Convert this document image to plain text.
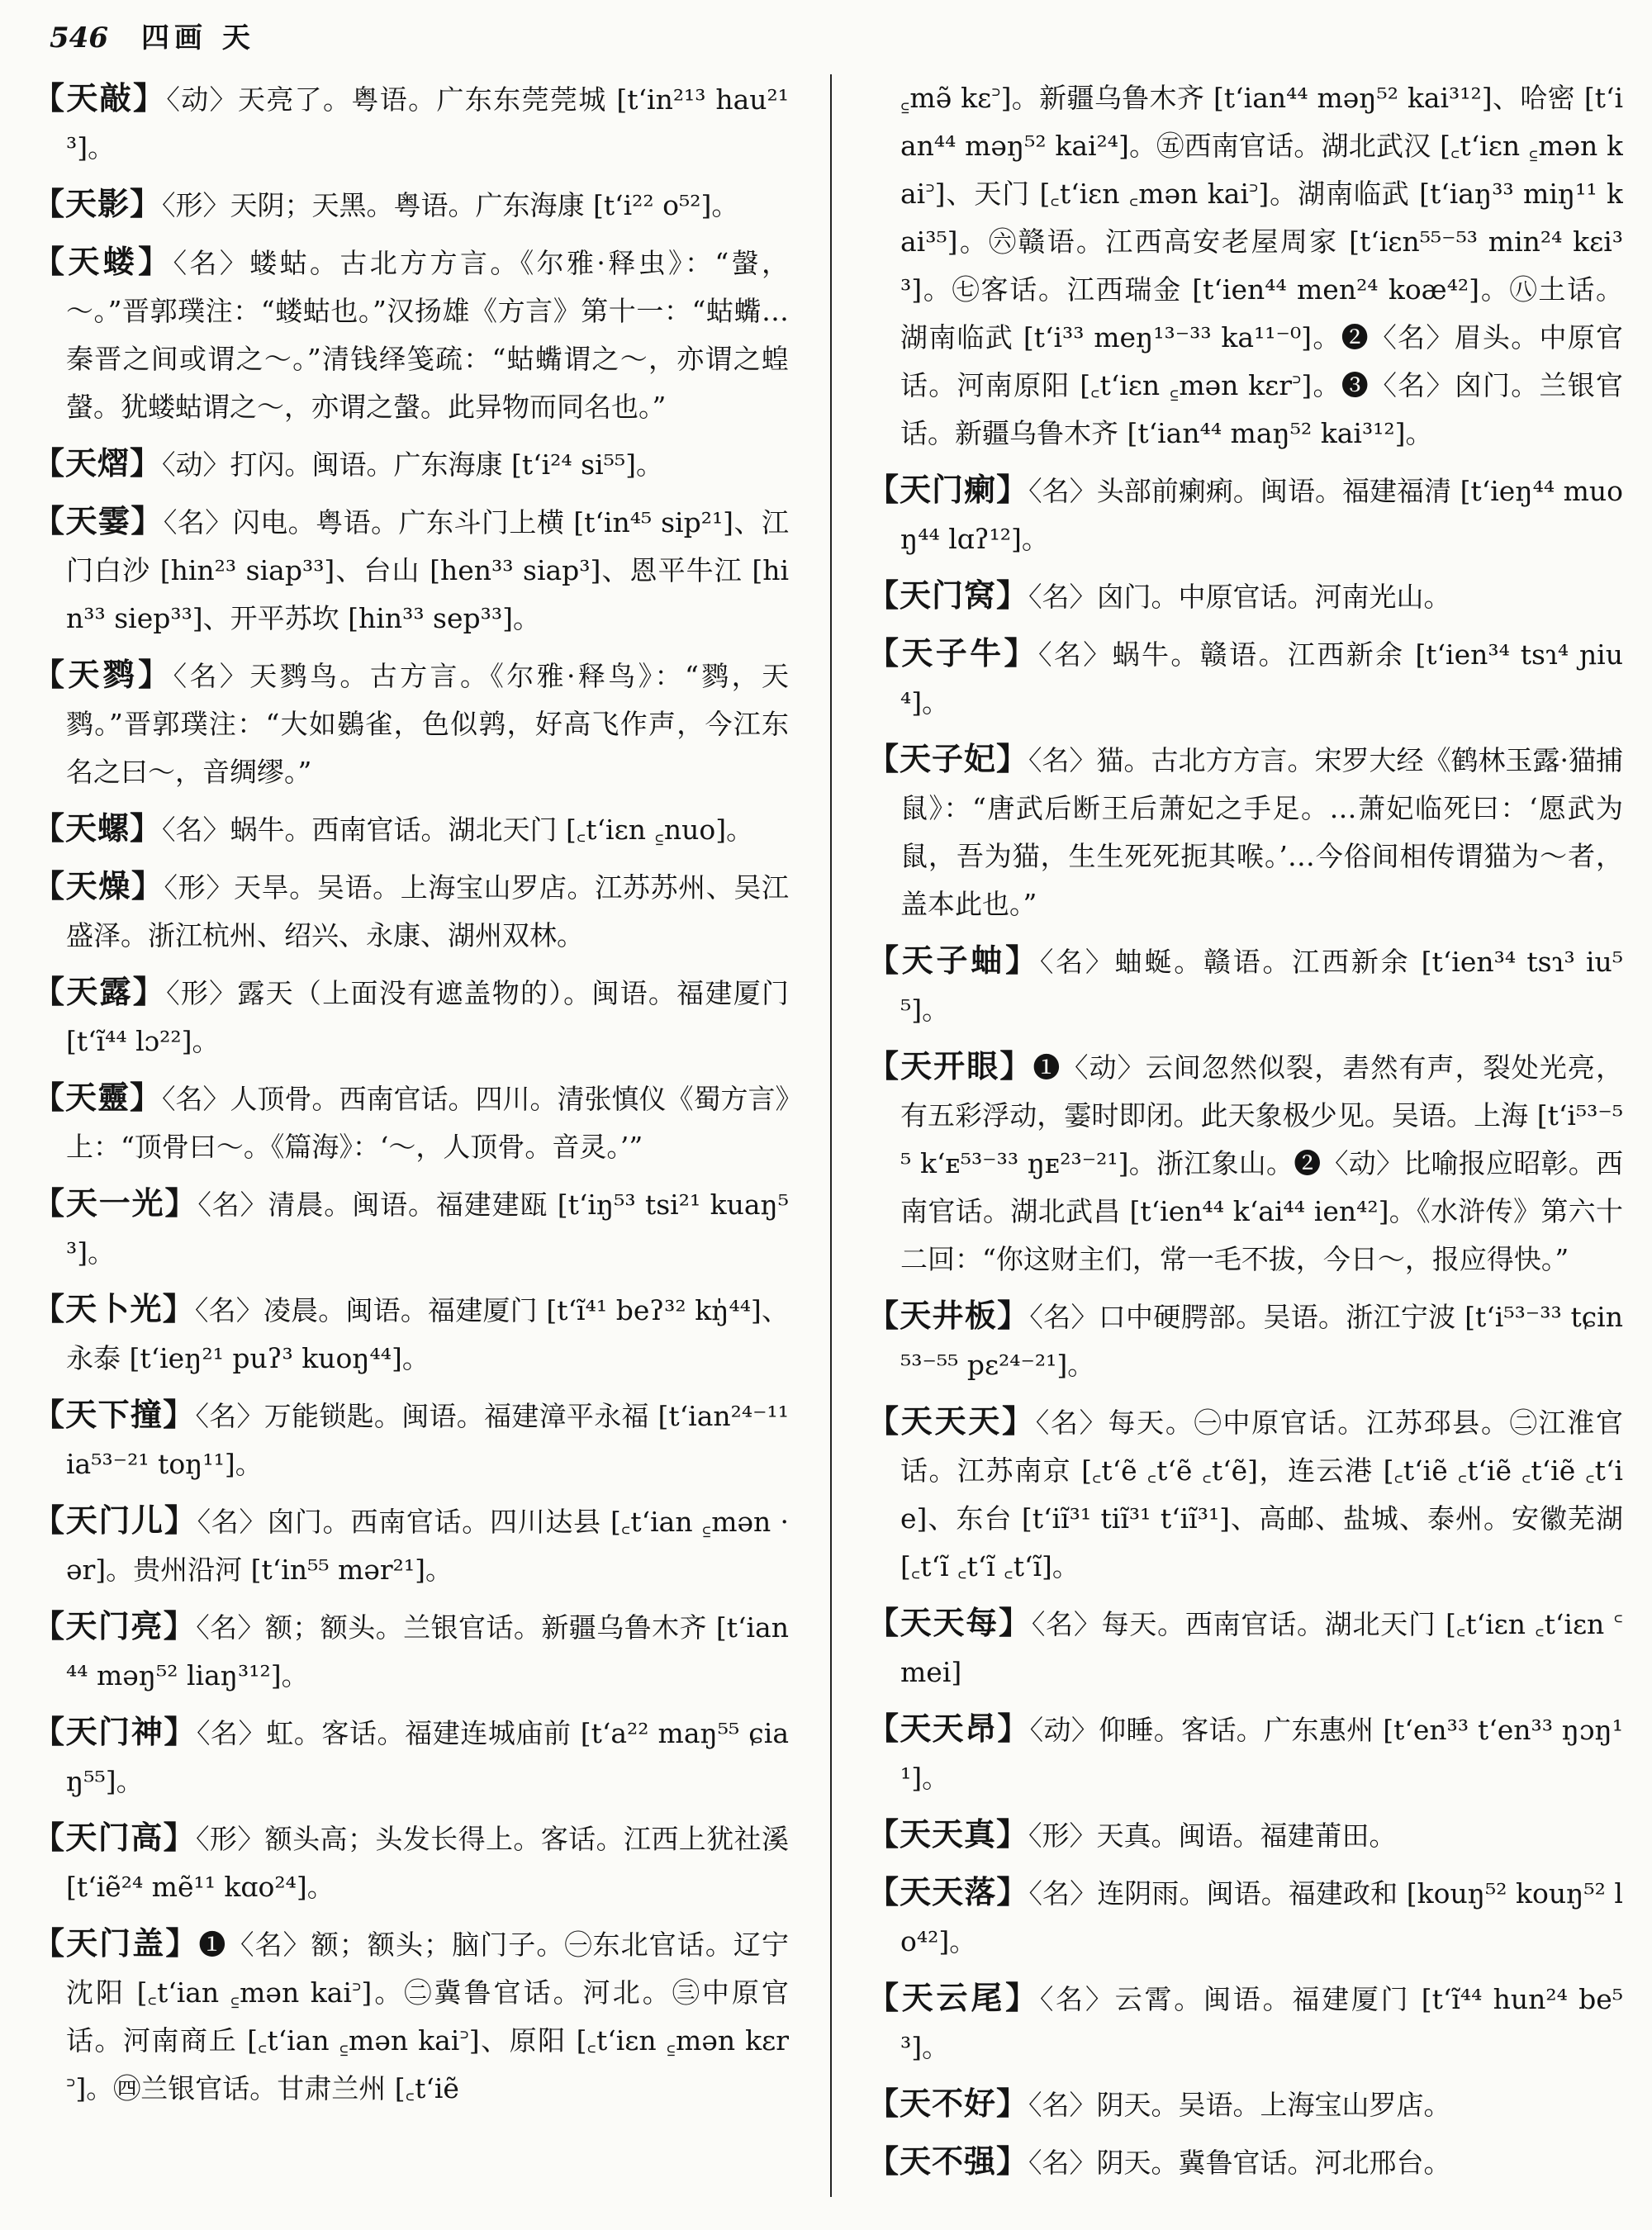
546 四画 天

【天敲】〈动〉天亮了。粤语。广东东莞莞城 [t‘in²¹³ hau²¹³]。

【天影】〈形〉天阴；天黑。粤语。广东海康 [t‘i²² o⁵²]。

【天蝼】〈名〉蝼蛄。古北方方言。《尔雅·释虫》：“螜，～。”晋郭璞注：“蝼蛄也。”汉扬雄《方言》第十一：“蛄蟕…秦晋之间或谓之～。”清钱绎笺疏：“蛄蟕谓之～，亦谓之蝗螜。犹蝼蛄谓之～，亦谓之螜。此异物而同名也。”

【天熠】〈动〉打闪。闽语。广东海康 [t‘i²⁴ si⁵⁵]。

【天霎】〈名〉闪电。粤语。广东斗门上横 [t‘in⁴⁵ sip²¹]、江门白沙 [hin²³ siap³³]、台山 [hen³³ siap³]、恩平牛江 [hin³³ siep³³]、开平苏坎 [hin³³ sep³³]。

【天鹨】〈名〉天鹨鸟。古方言。《尔雅·释鸟》：“鹨，天鹨。”晋郭璞注：“大如鷃雀，色似鹑，好高飞作声，今江东名之曰～，音绸缪。”

【天螺】〈名〉蜗牛。西南官话。湖北天门 [꜀t‘iɛn ꜁nuo]。

【天燥】〈形〉天旱。吴语。上海宝山罗店。江苏苏州、吴江盛泽。浙江杭州、绍兴、永康、湖州双林。

【天露】〈形〉露天（上面没有遮盖物的）。闽语。福建厦门 [t‘ĩ⁴⁴ lɔ²²]。

【天靈】〈名〉人顶骨。西南官话。四川。清张慎仪《蜀方言》上：“顶骨曰～。《篇海》：‘～，人顶骨。音灵。’”

【天一光】〈名〉清晨。闽语。福建建瓯 [t‘iŋ⁵³ tsi²¹ kuaŋ⁵³]。

【天卜光】〈名〉凌晨。闽语。福建厦门 [t‘ĩ⁴¹ beʔ³² kŋ̍⁴⁴]、永泰 [t‘ieŋ²¹ puʔ³ kuoŋ⁴⁴]。

【天下撞】〈名〉万能锁匙。闽语。福建漳平永福 [t‘ian²⁴⁻¹¹ ia⁵³⁻²¹ toŋ¹¹]。

【天门儿】〈名〉囟门。西南官话。四川达县 [꜀t‘ian ꜁mən ·ər]。贵州沿河 [t‘in⁵⁵ mər²¹]。

【天门亮】〈名〉额；额头。兰银官话。新疆乌鲁木齐 [t‘ian⁴⁴ məŋ⁵² liaŋ³¹²]。

【天门神】〈名〉虹。客话。福建连城庙前 [t‘a²² maŋ⁵⁵ ɕiaŋ⁵⁵]。

【天门高】〈形〉额头高；头发长得上。客话。江西上犹社溪 [t‘iẽ²⁴ mẽ¹¹ kɑo²⁴]。

【天门盖】❶〈名〉额；额头；脑门子。㊀东北官话。辽宁沈阳 [꜀t‘ian ꜁mən kai꜄]。㊁冀鲁官话。河北。㊂中原官话。河南商丘 [꜀t‘ian ꜁mən kai꜄]、原阳 [꜀t‘iɛn ꜁mən kɛr꜄]。㊃兰银官话。甘肃兰州 [꜀t‘iẽ

꜁mə̃ kɛ꜄]。新疆乌鲁木齐 [t‘ian⁴⁴ məŋ⁵² kai³¹²]、哈密 [t‘ian⁴⁴ məŋ⁵² kai²⁴]。㊄西南官话。湖北武汉 [꜀t‘iɛn ꜁mən kai꜄]、天门 [꜀t‘iɛn ꜀mən kai꜄]。湖南临武 [t‘iaŋ³³ miŋ¹¹ kai³⁵]。㊅赣语。江西高安老屋周家 [t‘iɛn⁵⁵⁻⁵³ min²⁴ kɛi³³]。㊆客话。江西瑞金 [t‘ien⁴⁴ men²⁴ koæ⁴²]。㊇土话。湖南临武 [t‘i³³ meŋ¹³⁻³³ ka¹¹⁻⁰]。❷〈名〉眉头。中原官话。河南原阳 [꜀t‘iɛn ꜁mən kɛr꜄]。❸〈名〉囟门。兰银官话。新疆乌鲁木齐 [t‘ian⁴⁴ maŋ⁵² kai³¹²]。

【天门瘌】〈名〉头部前瘌痢。闽语。福建福清 [t‘ieŋ⁴⁴ muoŋ⁴⁴ lɑʔ¹²]。

【天门窝】〈名〉囟门。中原官话。河南光山。

【天子牛】〈名〉蜗牛。赣语。江西新余 [t‘ien³⁴ tsɿ⁴ ɲiu⁴]。

【天子妃】〈名〉猫。古北方方言。宋罗大经《鹤林玉露·猫捕鼠》：“唐武后断王后萧妃之手足。…萧妃临死曰：‘愿武为鼠，吾为猫，生生死死扼其喉。’…今俗间相传谓猫为～者，盖本此也。”

【天子蚰】〈名〉蚰蜒。赣语。江西新余 [t‘ien³⁴ tsɿ³ iu⁵⁵]。

【天开眼】❶〈动〉云间忽然似裂，砉然有声，裂处光亮，有五彩浮动，霎时即闭。此天象极少见。吴语。上海 [t‘i⁵³⁻⁵⁵ k‘ᴇ⁵³⁻³³ ŋᴇ²³⁻²¹]。浙江象山。❷〈动〉比喻报应昭彰。西南官话。湖北武昌 [t‘ien⁴⁴ k‘ai⁴⁴ ien⁴²]。《水浒传》第六十二回：“你这财主们，常一毛不拔，今日～，报应得快。”

【天井板】〈名〉口中硬腭部。吴语。浙江宁波 [t‘i⁵³⁻³³ tɕin⁵³⁻⁵⁵ pɛ²⁴⁻²¹]。

【天天天】〈名〉每天。㊀中原官话。江苏邳县。㊁江淮官话。江苏南京 [꜀t‘ẽ ꜀t‘ẽ ꜀t‘ẽ]，连云港 [꜀t‘iẽ ꜀t‘iẽ ꜀t‘iẽ ꜀t‘ie]、东台 [t‘iĩ³¹ tiĩ³¹ t‘iĩ³¹]、高邮、盐城、泰州。安徽芜湖 [꜀t‘ĩ ꜀t‘ĩ ꜀t‘ĩ]。

【天天每】〈名〉每天。西南官话。湖北天门 [꜀t‘iɛn ꜀t‘iɛn ꜂mei]

【天天昂】〈动〉仰睡。客话。广东惠州 [t‘en³³ t‘en³³ ŋɔŋ¹¹]。

【天天真】〈形〉天真。闽语。福建莆田。

【天天落】〈名〉连阴雨。闽语。福建政和 [kouŋ⁵² kouŋ⁵² lo⁴²]。

【天云尾】〈名〉云霄。闽语。福建厦门 [t‘ĩ⁴⁴ hun²⁴ be⁵³]。

【天不好】〈名〉阴天。吴语。上海宝山罗店。

【天不强】〈名〉阴天。冀鲁官话。河北邢台。
